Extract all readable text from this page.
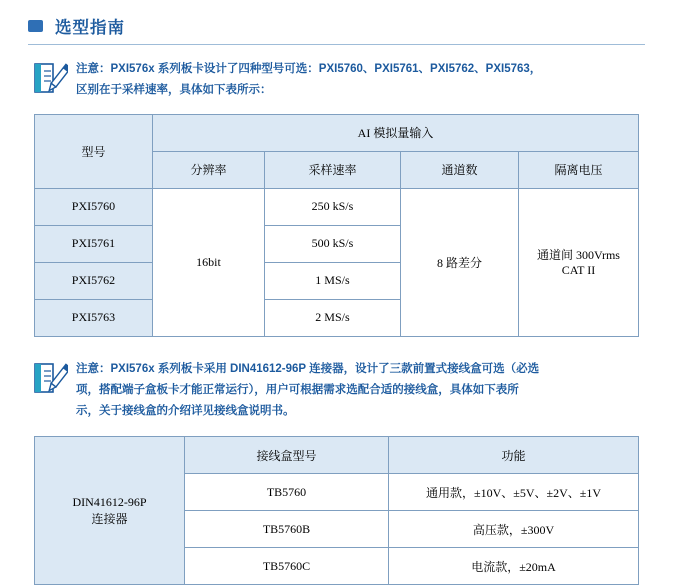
选型指南
注意：PXI576x 系列板卡设计了四种型号可选：PXI5760、PXI5761、PXI5762、PXI5763，
区别在于采样速率，具体如下表所示：
型号	AI 模拟量输入			
	分辨率	采样速率	通道数	隔离电压
PXI5760	16bit	250 kS/s	8 路差分	通道间 300Vrms
CAT II

PXI5761		500 kS/s		
PXI5762		1 MS/s		
PXI5763		2 MS/s		
注意：PXI576x 系列板卡采用 DIN41612-96P 连接器，设计了三款前置式接线盒可选（必选
项，搭配端子盒板卡才能正常运行），用户可根据需求选配合适的接线盒，具体如下表所
示，关于接线盒的介绍详见接线盒说明书。
DIN41612-96P
连接器	接线盒型号	功能
	TB5760	通用款，±10V、±5V、±2V、±1V
	TB5760B	高压款，±300V
	TB5760C	电流款，±20mA
